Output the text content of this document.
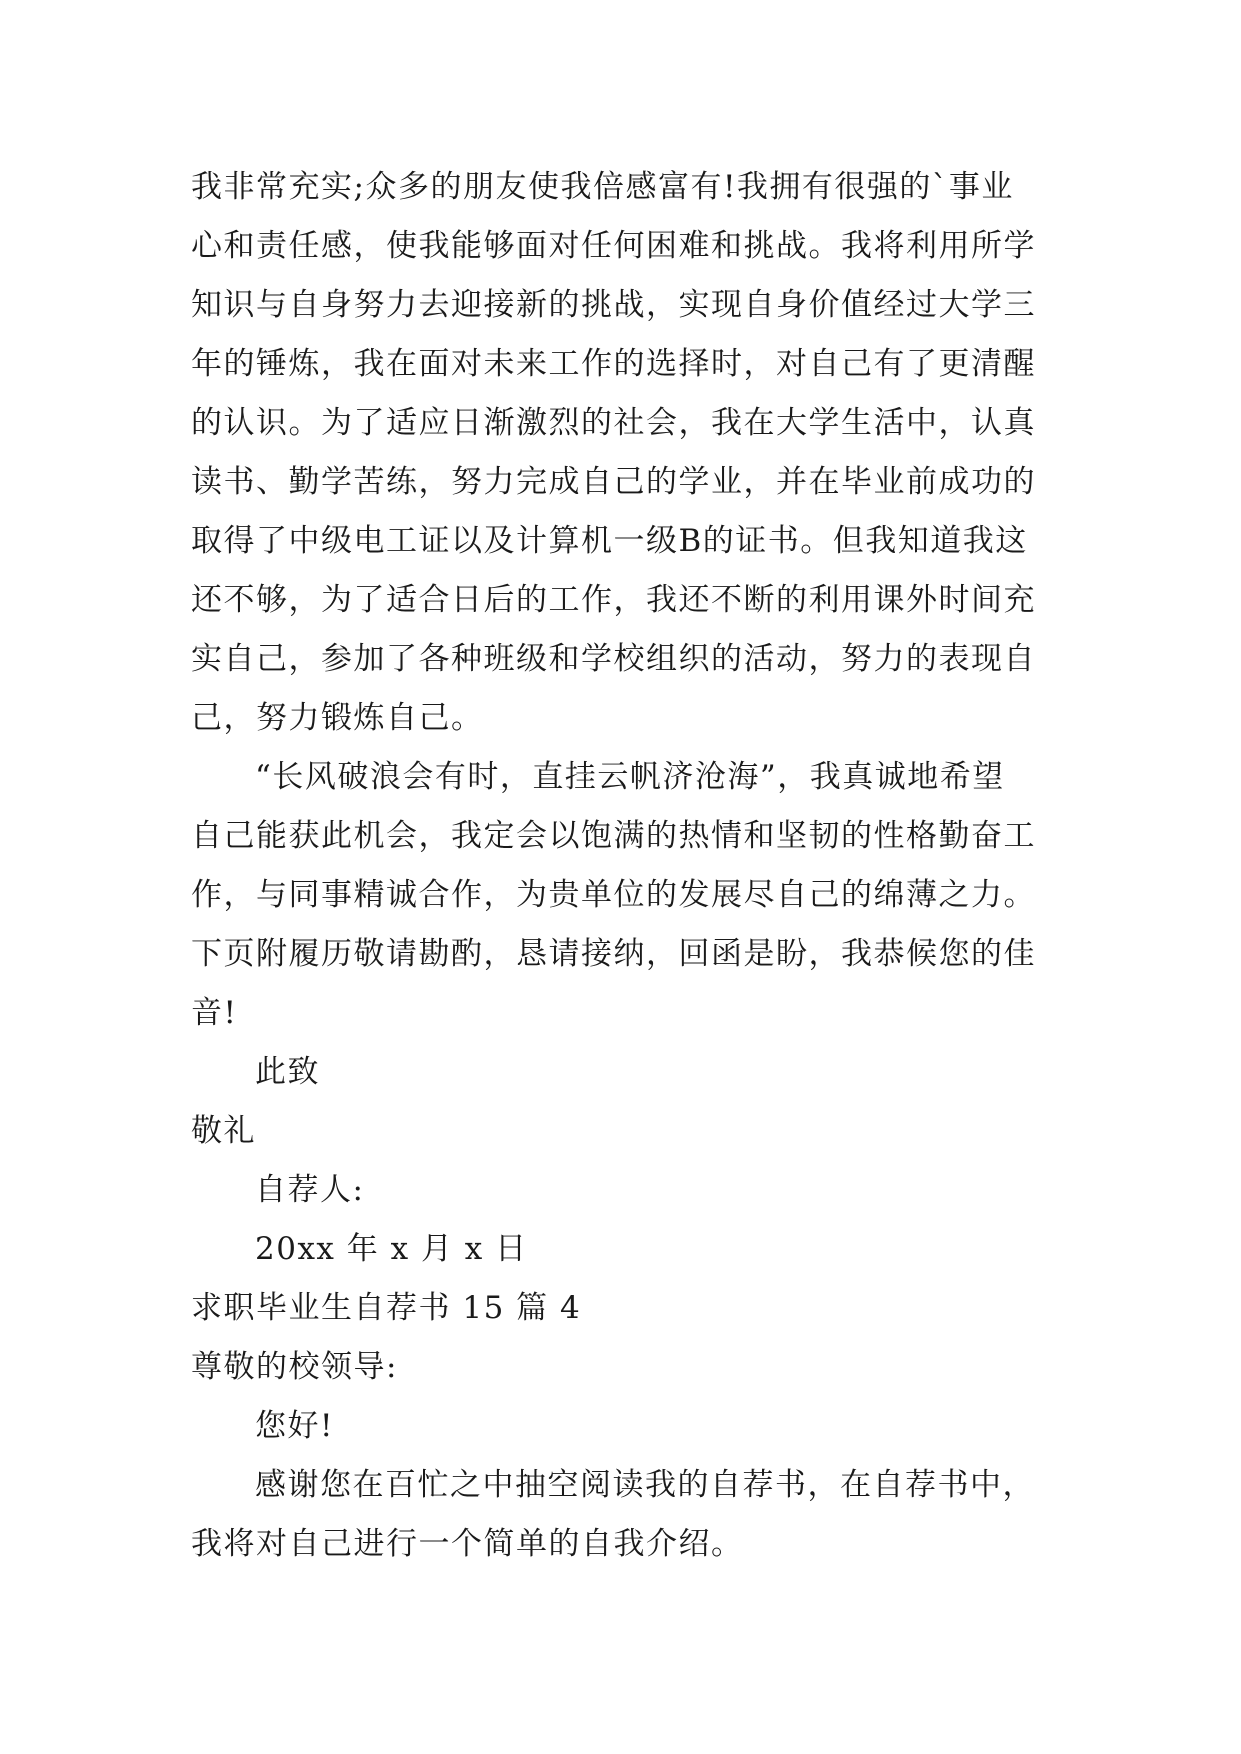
我非常充实;众多的朋友使我倍感富有!我拥有很强的`事业
心和责任感，使我能够面对任何困难和挑战。我将利用所学
知识与自身努力去迎接新的挑战，实现自身价值经过大学三
年的锤炼，我在面对未来工作的选择时，对自己有了更清醒
的认识。为了适应日渐激烈的社会，我在大学生活中，认真
读书、勤学苦练，努力完成自己的学业，并在毕业前成功的
取得了中级电工证以及计算机一级B的证书。但我知道我这
还不够，为了适合日后的工作，我还不断的利用课外时间充
实自己，参加了各种班级和学校组织的活动，努力的表现自
己，努力锻炼自己。
“长风破浪会有时，直挂云帆济沧海”，我真诚地希望
自己能获此机会，我定会以饱满的热情和坚韧的性格勤奋工
作，与同事精诚合作，为贵单位的发展尽自己的绵薄之力。
下页附履历敬请勘酌，恳请接纳，回函是盼，我恭候您的佳
音!
此致
敬礼
自荐人:
20xx 年 x 月 x 日
求职毕业生自荐书 15 篇 4
尊敬的校领导:
您好!
感谢您在百忙之中抽空阅读我的自荐书，在自荐书中，
我将对自己进行一个简单的自我介绍。
